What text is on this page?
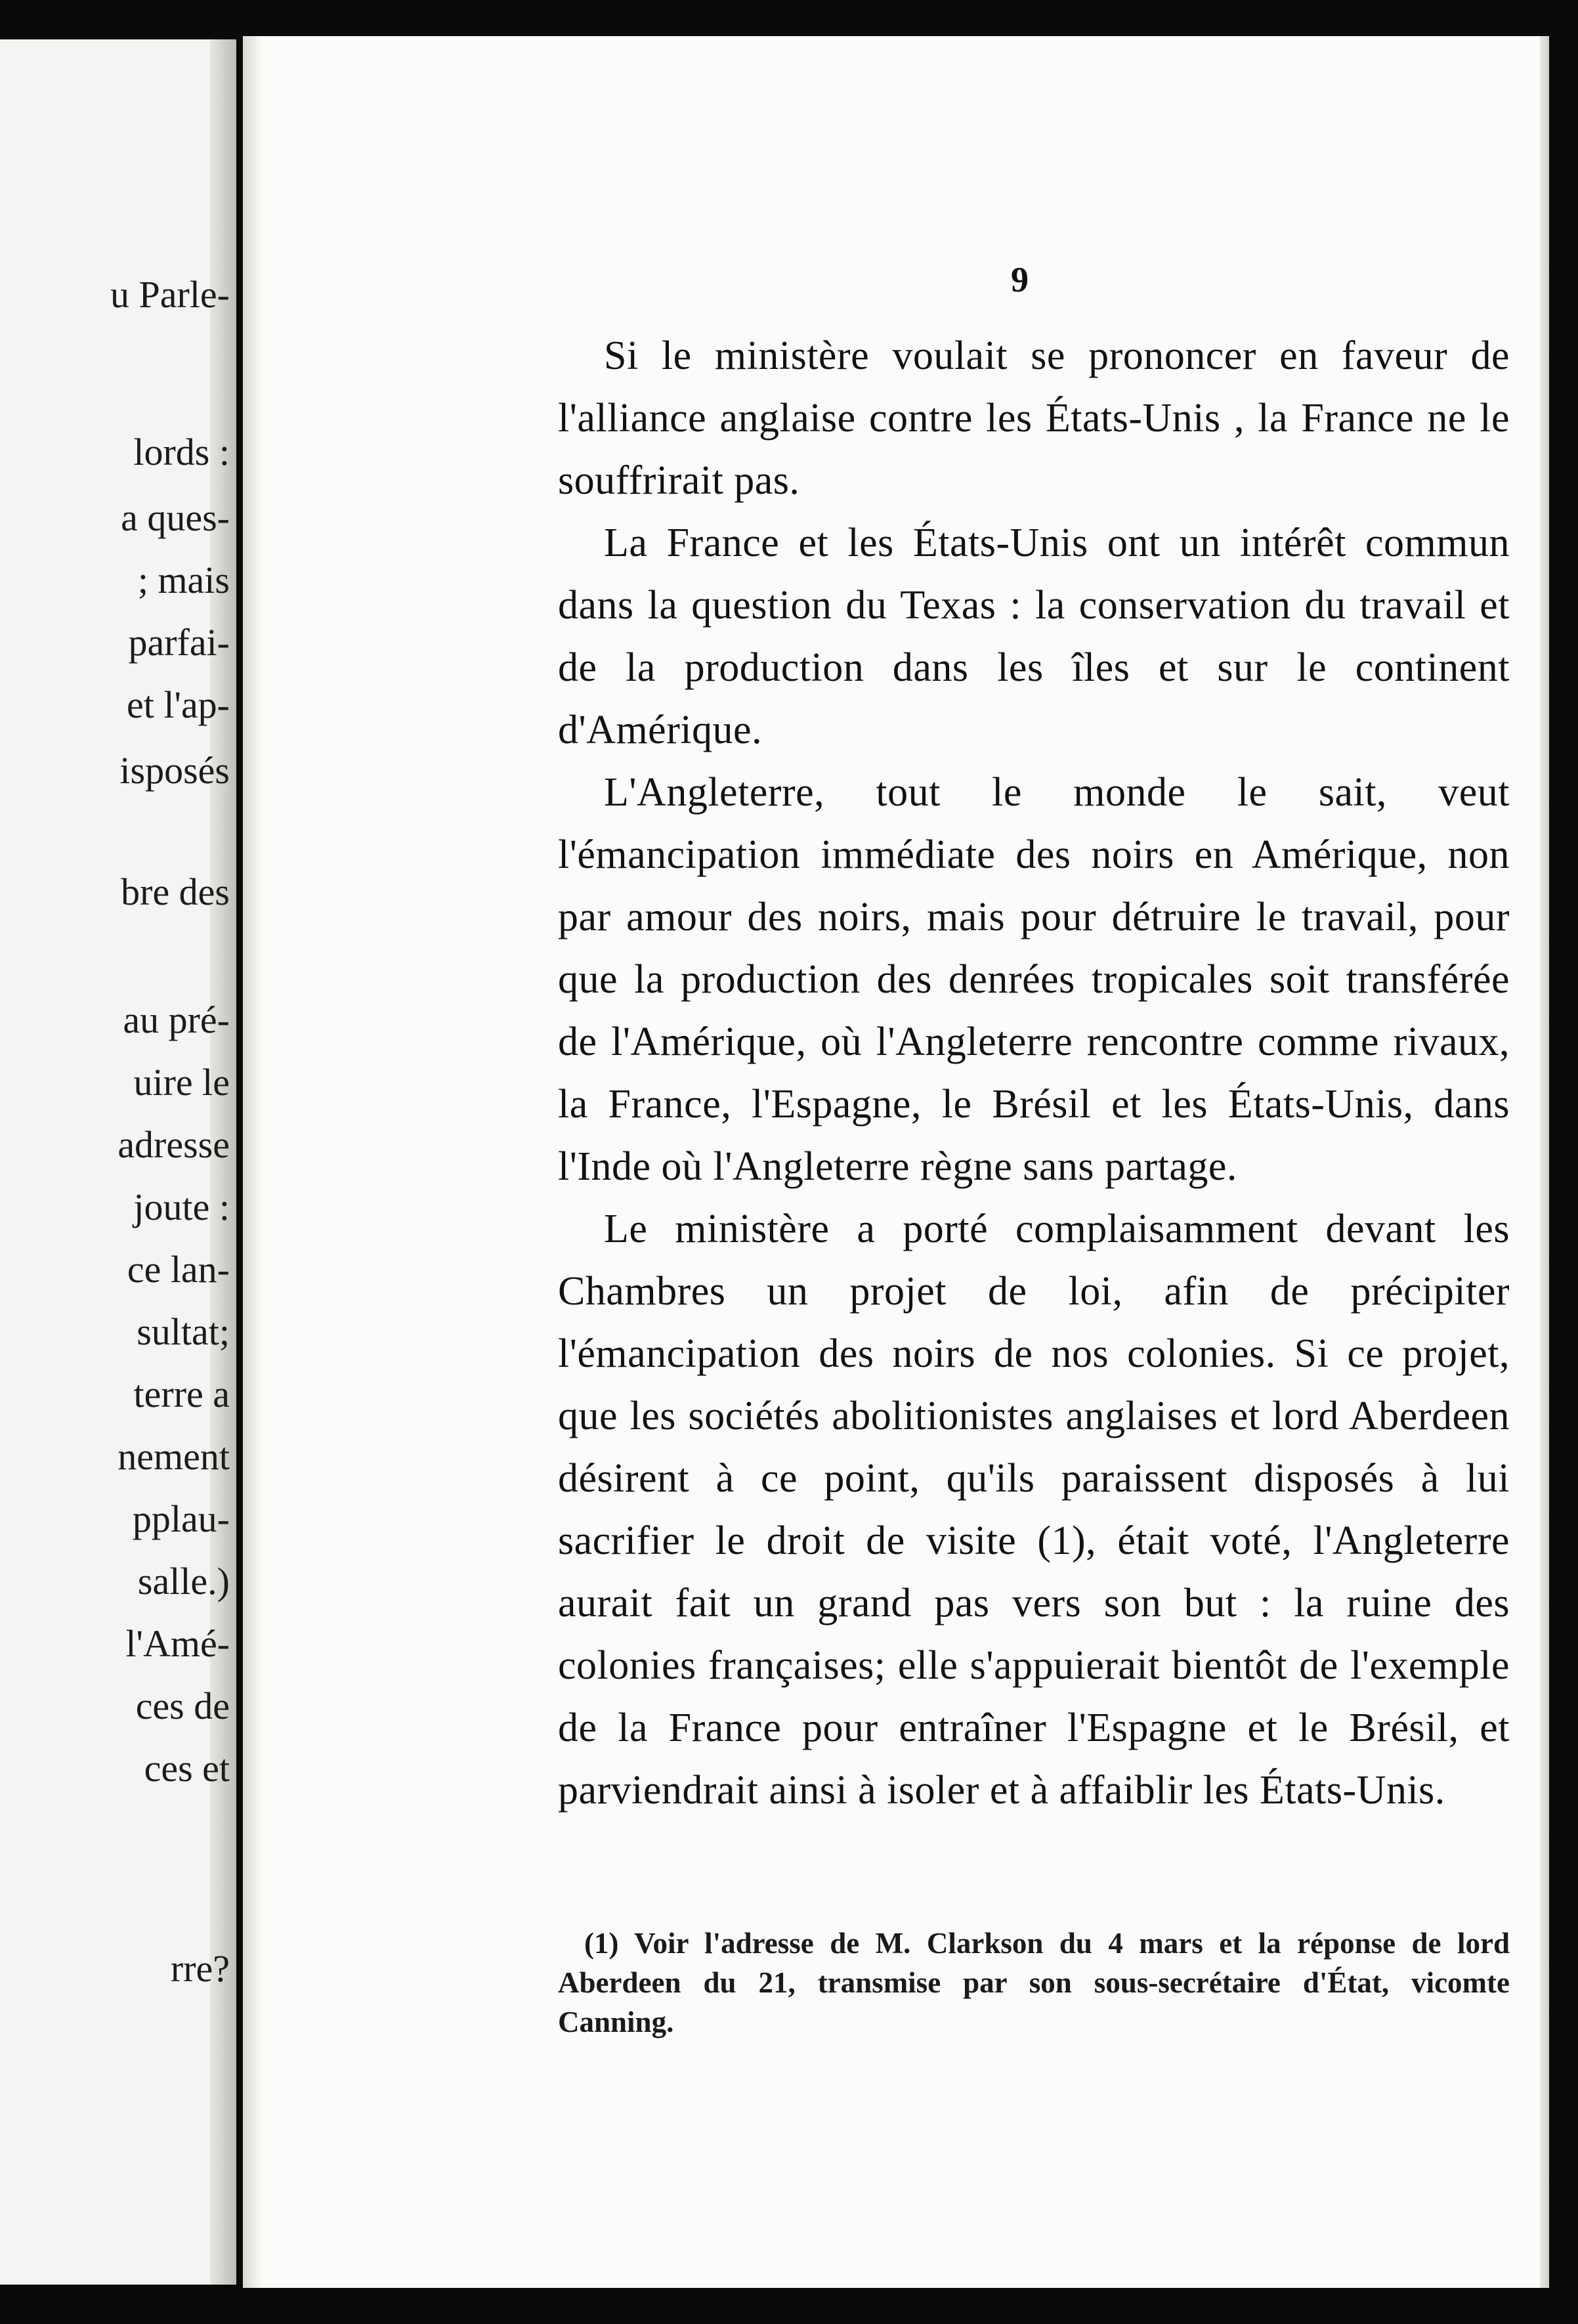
u Parle-
lords :
a ques-
; mais
parfai-
et l'ap-
isposés
bre des
au pré-
uire le
adresse
joute :
ce lan-
sultat;
terre a
nement
pplau-
salle.)
l'Amé-
ces de
ces et
rre?
9

Si le ministère voulait se prononcer en faveur de l'alliance anglaise contre les États-Unis , la France ne le souffrirait pas.

La France et les États-Unis ont un intérêt commun dans la question du Texas : la conservation du travail et de la production dans les îles et sur le continent d'Amérique.

L'Angleterre, tout le monde le sait, veut l'émancipation immédiate des noirs en Amérique, non par amour des noirs, mais pour détruire le travail, pour que la production des denrées tropicales soit transférée de l'Amérique, où l'Angleterre rencontre comme rivaux, la France, l'Espagne, le Brésil et les États-Unis, dans l'Inde où l'Angleterre règne sans partage.

Le ministère a porté complaisamment devant les Chambres un projet de loi, afin de précipiter l'émancipation des noirs de nos colonies. Si ce projet, que les sociétés abolitionistes anglaises et lord Aberdeen désirent à ce point, qu'ils paraissent disposés à lui sacrifier le droit de visite (1), était voté, l'Angleterre aurait fait un grand pas vers son but : la ruine des colonies françaises; elle s'appuierait bientôt de l'exemple de la France pour entraîner l'Espagne et le Brésil, et parviendrait ainsi à isoler et à affaiblir les États-Unis.

(1) Voir l'adresse de M. Clarkson du 4 mars et la réponse de lord Aberdeen du 21, transmise par son sous-secrétaire d'État, vicomte Canning.
